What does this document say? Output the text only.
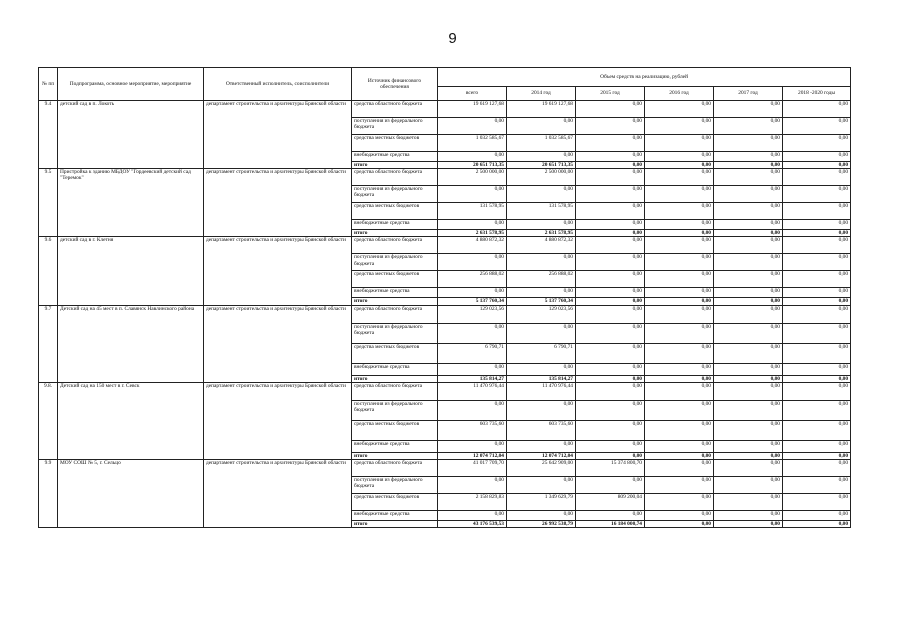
9
№ пп	Подпрограмма, основное мероприятие, мероприятие	Ответственный исполнитель, соисполнители	Источник финансового обеспечения	Объем средств на реализацию, рублей					
				всего	2014 год	2015 год	2016 год	2017 год	2018 -2020 годы
9.4	детский сад в п. Локоть	департамент строительства и архитектуры Брянской области	средства областного бюджета	19 619 127,68	19 619 127,68	0,00	0,00	0,00	0,00
			поступления из федерального бюджета	0,00	0,00	0,00	0,00	0,00	0,00
			средства местных бюджетов	1 032 585,67	1 032 585,67	0,00	0,00	0,00	0,00
			внебюджетные средства	0,00	0,00	0,00	0,00	0,00	0,00
			итого	20 651 713,35	20 651 713,35	0,00	0,00	0,00	0,00
9.5	Пристройка к зданию МБДОУ "Гордеевский детский сад "Теремок"	департамент строительства и архитектуры Брянской области	средства областного бюджета	2 500 000,00	2 500 000,00	0,00	0,00	0,00	0,00
			поступления из федерального бюджета	0,00	0,00	0,00	0,00	0,00	0,00
			средства местных бюджетов	131 578,95	131 578,95	0,00	0,00	0,00	0,00
			внебюджетные средства	0,00	0,00	0,00	0,00	0,00	0,00
			итого	2 631 578,95	2 631 578,95	0,00	0,00	0,00	0,00
9.6	детский сад в г. Клетня	департамент строительства и архитектуры Брянской области	средства областного бюджета	4 880 872,32	4 880 872,32	0,00	0,00	0,00	0,00
			поступления из федерального бюджета	0,00	0,00	0,00	0,00	0,00	0,00
			средства местных бюджетов	256 888,02	256 888,02	0,00	0,00	0,00	0,00
			внебюджетные средства	0,00	0,00	0,00	0,00	0,00	0,00
			итого	5 137 760,34	5 137 760,34	0,00	0,00	0,00	0,00
9.7	Детский сад на 45 мест в п. Славянск Навлинского района	департамент строительства и архитектуры Брянской области	средства областного бюджета	129 023,56	129 023,56	0,00	0,00	0,00	0,00
			поступления из федерального бюджета	0,00	0,00	0,00	0,00	0,00	0,00
			средства местных бюджетов	6 790,71	6 790,71	0,00	0,00	0,00	0,00
			внебюджетные средства	0,00	0,00	0,00	0,00	0,00	0,00
			итого	135 814,27	135 814,27	0,00	0,00	0,00	0,00
9.8.	Детский сад на 150 мест в г. Севск	департамент строительства и архитектуры Брянской области	средства областного бюджета	11 470 976,44	11 470 976,44	0,00	0,00	0,00	0,00
			поступления из федерального бюджета	0,00	0,00	0,00	0,00	0,00	0,00
			средства местных бюджетов	603 735,60	603 735,60	0,00	0,00	0,00	0,00
			внебюджетные средства	0,00	0,00	0,00	0,00	0,00	0,00
			итого	12 074 712,04	12 074 712,04	0,00	0,00	0,00	0,00
9.9	МОУ СОШ № 5, г. Сельцо	департамент строительства и архитектуры Брянской области	средства областного бюджета	41 017 709,70	25 642 909,00	15 374 800,70	0,00	0,00	0,00
			поступления из федерального бюджета	0,00	0,00	0,00	0,00	0,00	0,00
			средства местных бюджетов	2 158 829,83	1 349 629,79	809 200,04	0,00	0,00	0,00
			внебюджетные средства	0,00	0,00	0,00	0,00	0,00	0,00
			итого	43 176 539,53	26 992 538,79	16 184 000,74	0,00	0,00	0,00
